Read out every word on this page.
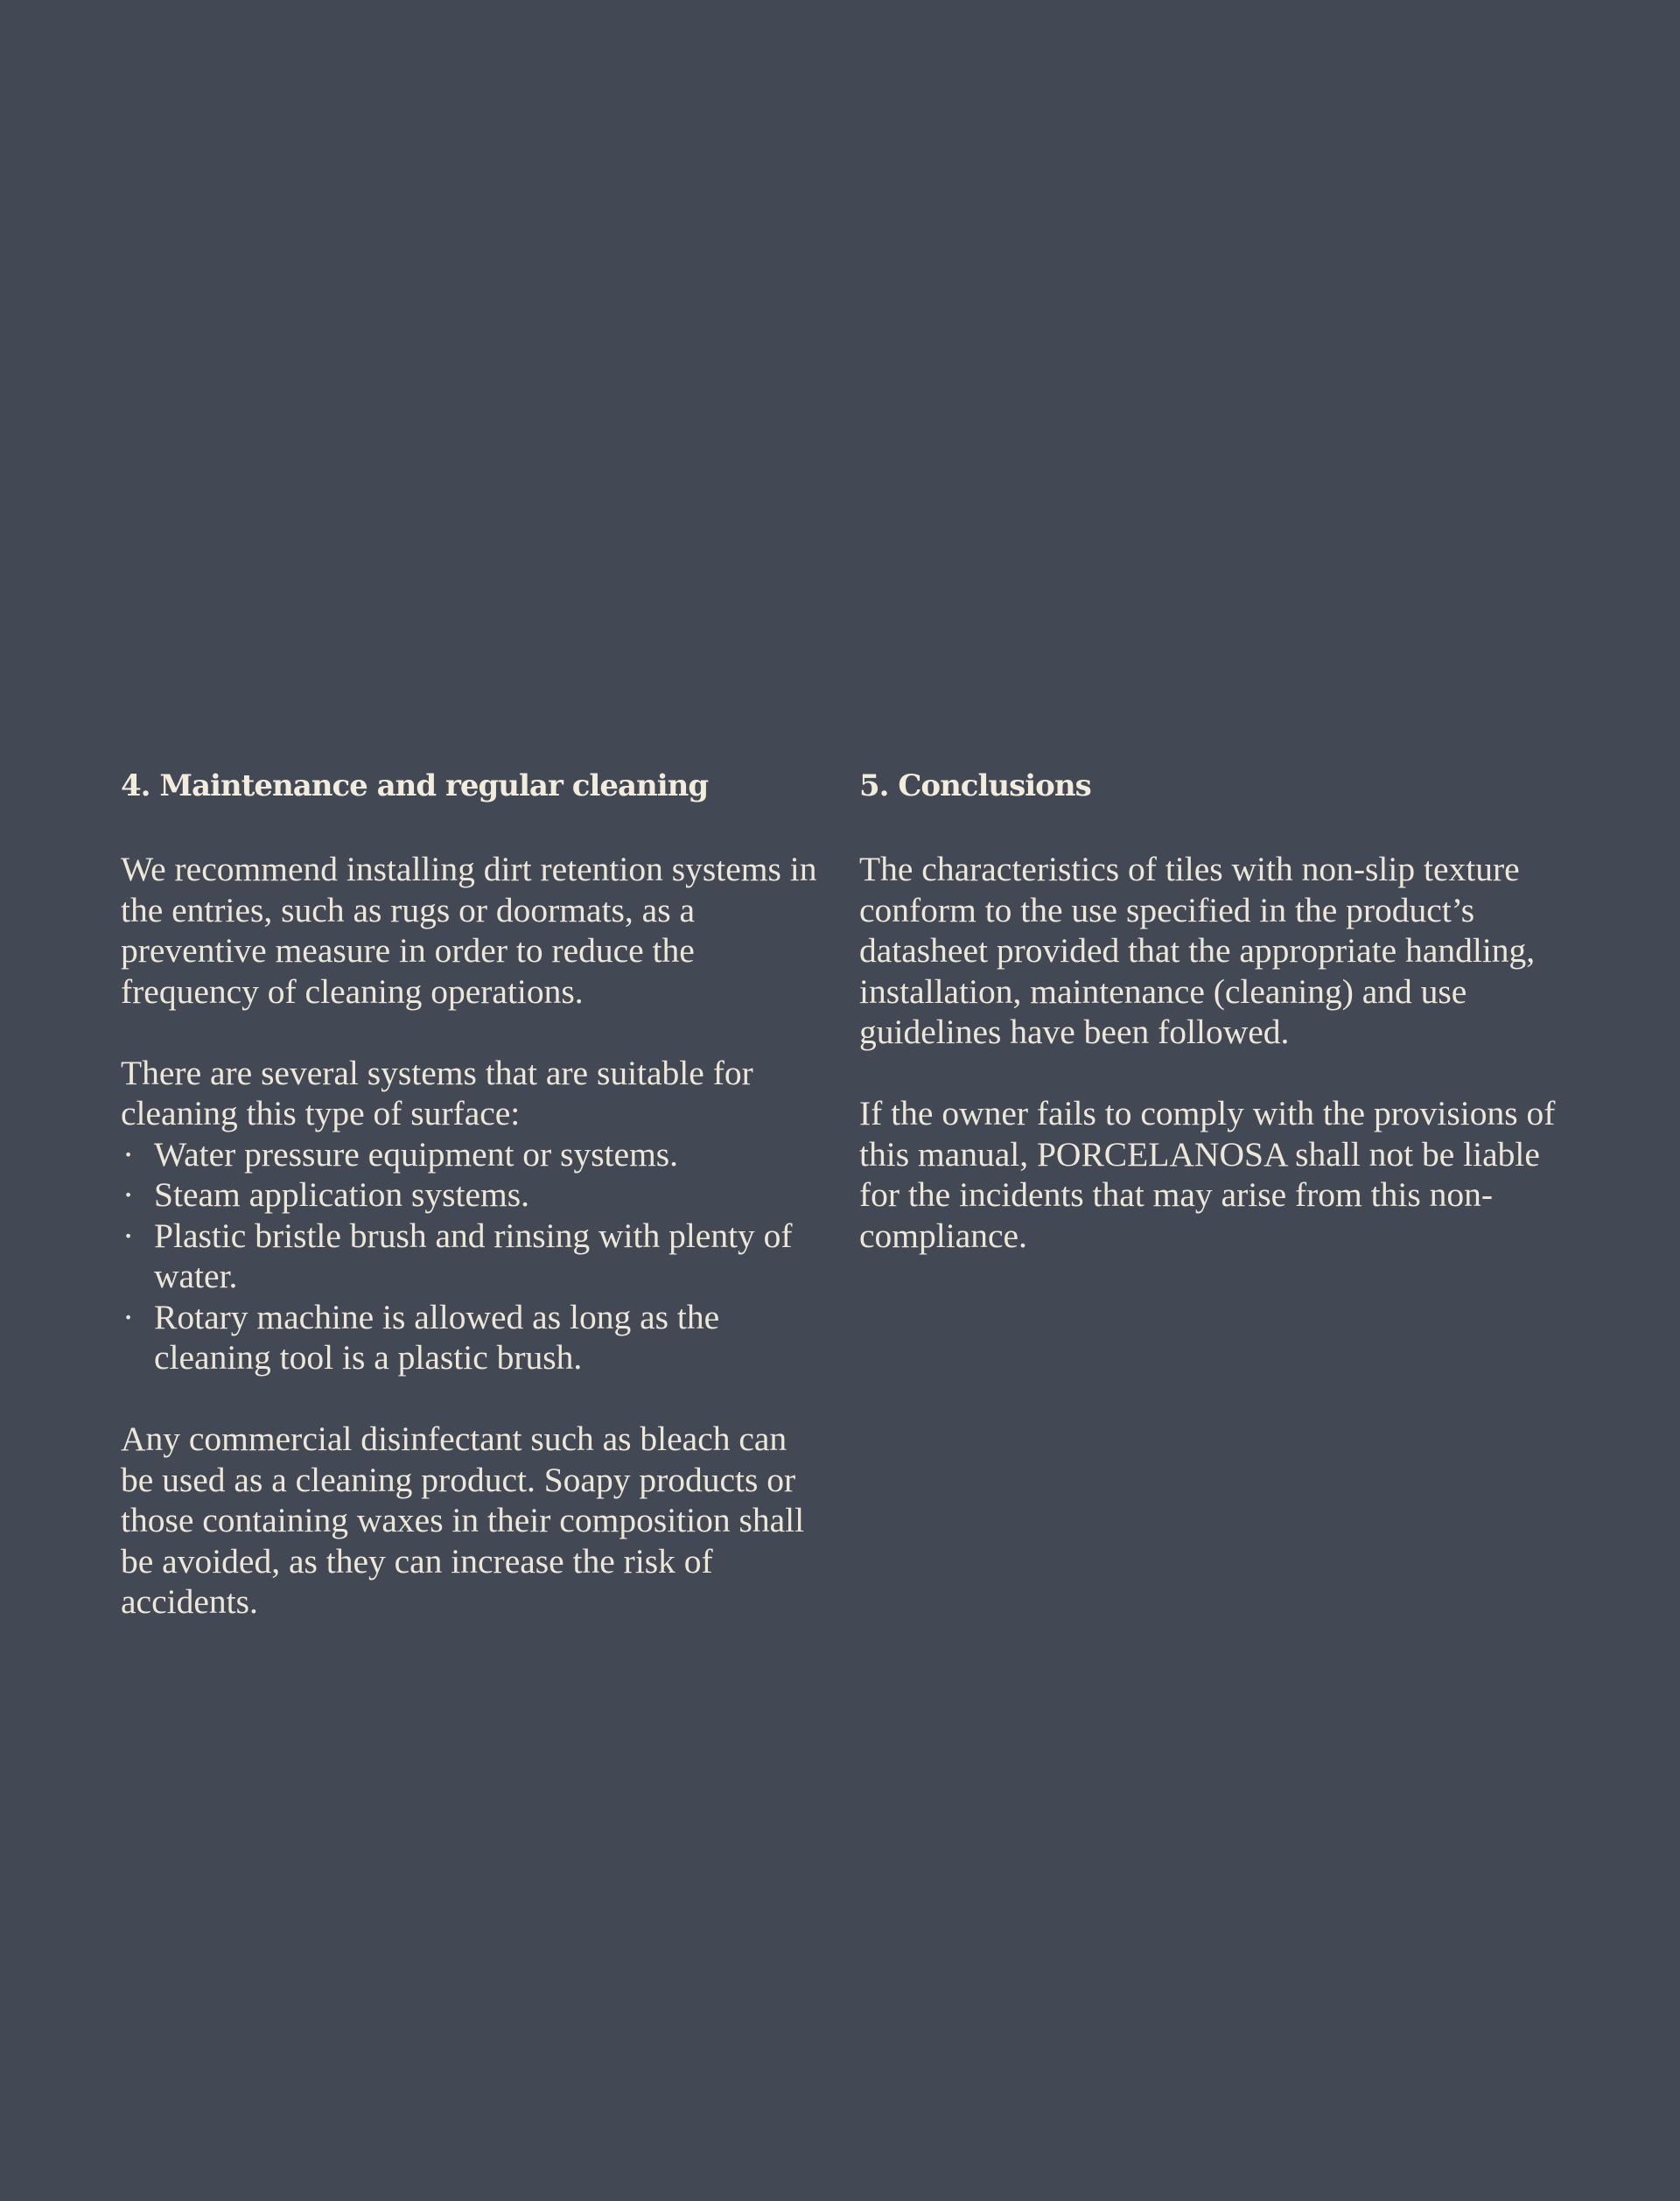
4. Maintenance and regular cleaning

We recommend installing dirt retention systems in the entries, such as rugs or doormats, as a preventive measure in order to reduce the frequency of cleaning operations.

There are several systems that are suitable for cleaning this type of surface:

· Water pressure equipment or systems.
· Steam application systems.
· Plastic bristle brush and rinsing with plenty of water.
· Rotary machine is allowed as long as the cleaning tool is a plastic brush.

Any commercial disinfectant such as bleach can be used as a cleaning product. Soapy products or those containing waxes in their composition shall be avoided, as they can increase the risk of accidents.

5. Conclusions

The characteristics of tiles with non-slip texture conform to the use specified in the product’s datasheet provided that the appropriate handling, installation, maintenance (cleaning) and use guidelines have been followed.

If the owner fails to comply with the provisions of this manual, PORCELANOSA shall not be liable for the incidents that may arise from this non-compliance.
